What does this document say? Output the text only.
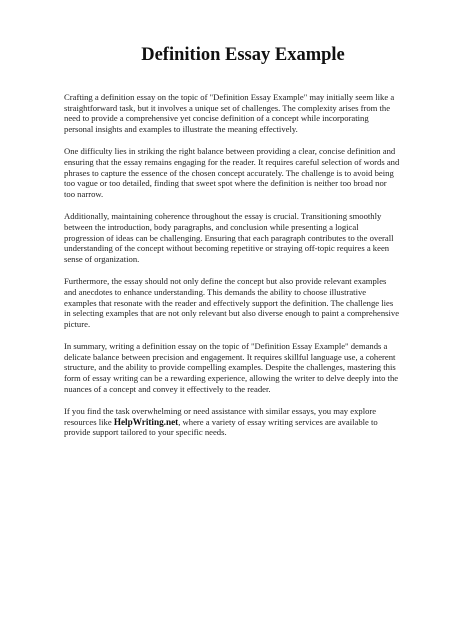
Definition Essay Example

Crafting a definition essay on the topic of "Definition Essay Example" may initially seem like a
straightforward task, but it involves a unique set of challenges. The complexity arises from the
need to provide a comprehensive yet concise definition of a concept while incorporating
personal insights and examples to illustrate the meaning effectively.

One difficulty lies in striking the right balance between providing a clear, concise definition and
ensuring that the essay remains engaging for the reader. It requires careful selection of words and
phrases to capture the essence of the chosen concept accurately. The challenge is to avoid being
too vague or too detailed, finding that sweet spot where the definition is neither too broad nor
too narrow.

Additionally, maintaining coherence throughout the essay is crucial. Transitioning smoothly
between the introduction, body paragraphs, and conclusion while presenting a logical
progression of ideas can be challenging. Ensuring that each paragraph contributes to the overall
understanding of the concept without becoming repetitive or straying off-topic requires a keen
sense of organization.

Furthermore, the essay should not only define the concept but also provide relevant examples
and anecdotes to enhance understanding. This demands the ability to choose illustrative
examples that resonate with the reader and effectively support the definition. The challenge lies
in selecting examples that are not only relevant but also diverse enough to paint a comprehensive
picture.

In summary, writing a definition essay on the topic of "Definition Essay Example" demands a
delicate balance between precision and engagement. It requires skillful language use, a coherent
structure, and the ability to provide compelling examples. Despite the challenges, mastering this
form of essay writing can be a rewarding experience, allowing the writer to delve deeply into the
nuances of a concept and convey it effectively to the reader.

If you find the task overwhelming or need assistance with similar essays, you may explore
resources like HelpWriting.net, where a variety of essay writing services are available to
provide support tailored to your specific needs.
